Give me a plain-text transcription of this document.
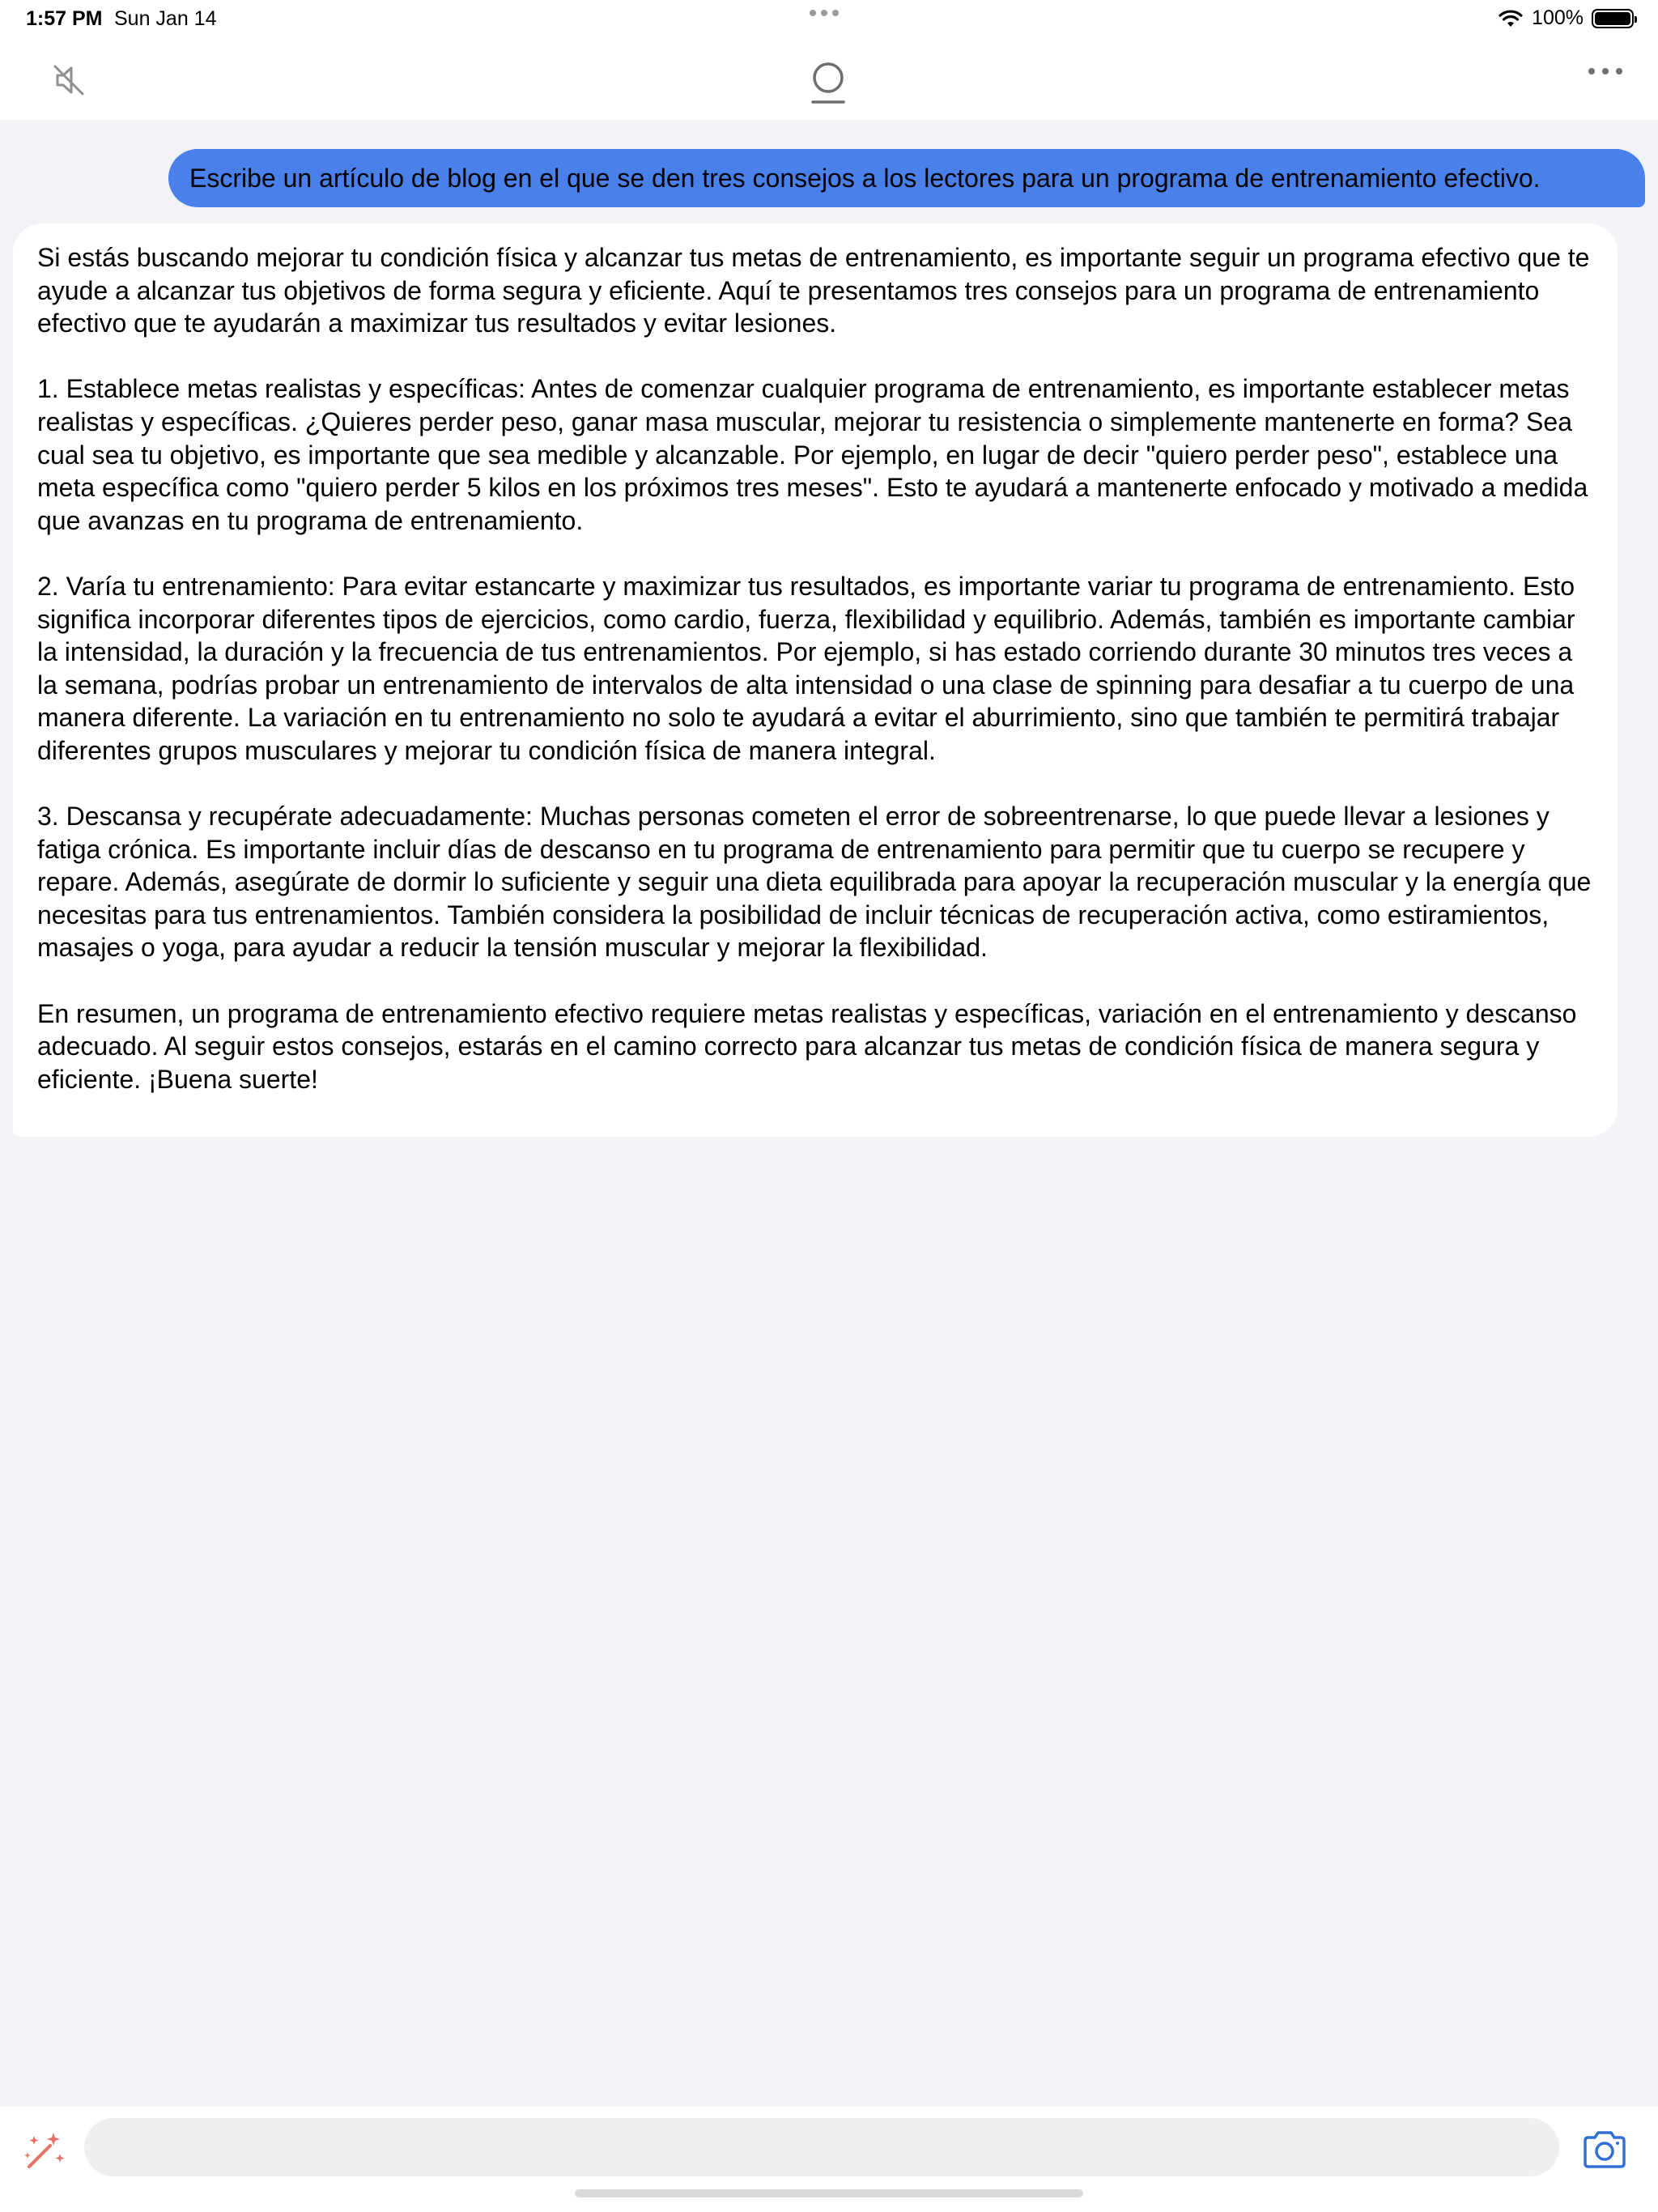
1:57 PM Sun Jan 14	100%
Escribe un artículo de blog en el que se den tres consejos a los lectores para un programa de entrenamiento efectivo.

Si estás buscando mejorar tu condición física y alcanzar tus metas de entrenamiento, es importante seguir un programa efectivo que te ayude a alcanzar tus objetivos de forma segura y eficiente. Aquí te presentamos tres consejos para un programa de entrenamiento efectivo que te ayudarán a maximizar tus resultados y evitar lesiones.

1. Establece metas realistas y específicas: Antes de comenzar cualquier programa de entrenamiento, es importante establecer metas realistas y específicas. ¿Quieres perder peso, ganar masa muscular, mejorar tu resistencia o simplemente mantenerte en forma? Sea cual sea tu objetivo, es importante que sea medible y alcanzable. Por ejemplo, en lugar de decir "quiero perder peso", establece una meta específica como "quiero perder 5 kilos en los próximos tres meses". Esto te ayudará a mantenerte enfocado y motivado a medida que avanzas en tu programa de entrenamiento.

2. Varía tu entrenamiento: Para evitar estancarte y maximizar tus resultados, es importante variar tu programa de entrenamiento. Esto significa incorporar diferentes tipos de ejercicios, como cardio, fuerza, flexibilidad y equilibrio. Además, también es importante cambiar la intensidad, la duración y la frecuencia de tus entrenamientos. Por ejemplo, si has estado corriendo durante 30 minutos tres veces a la semana, podrías probar un entrenamiento de intervalos de alta intensidad o una clase de spinning para desafiar a tu cuerpo de una manera diferente. La variación en tu entrenamiento no solo te ayudará a evitar el aburrimiento, sino que también te permitirá trabajar diferentes grupos musculares y mejorar tu condición física de manera integral.

3. Descansa y recupérate adecuadamente: Muchas personas cometen el error de sobreentrenarse, lo que puede llevar a lesiones y fatiga crónica. Es importante incluir días de descanso en tu programa de entrenamiento para permitir que tu cuerpo se recupere y repare. Además, asegúrate de dormir lo suficiente y seguir una dieta equilibrada para apoyar la recuperación muscular y la energía que necesitas para tus entrenamientos. También considera la posibilidad de incluir técnicas de recuperación activa, como estiramientos, masajes o yoga, para ayudar a reducir la tensión muscular y mejorar la flexibilidad.

En resumen, un programa de entrenamiento efectivo requiere metas realistas y específicas, variación en el entrenamiento y descanso adecuado. Al seguir estos consejos, estarás en el camino correcto para alcanzar tus metas de condición física de manera segura y eficiente. ¡Buena suerte!
